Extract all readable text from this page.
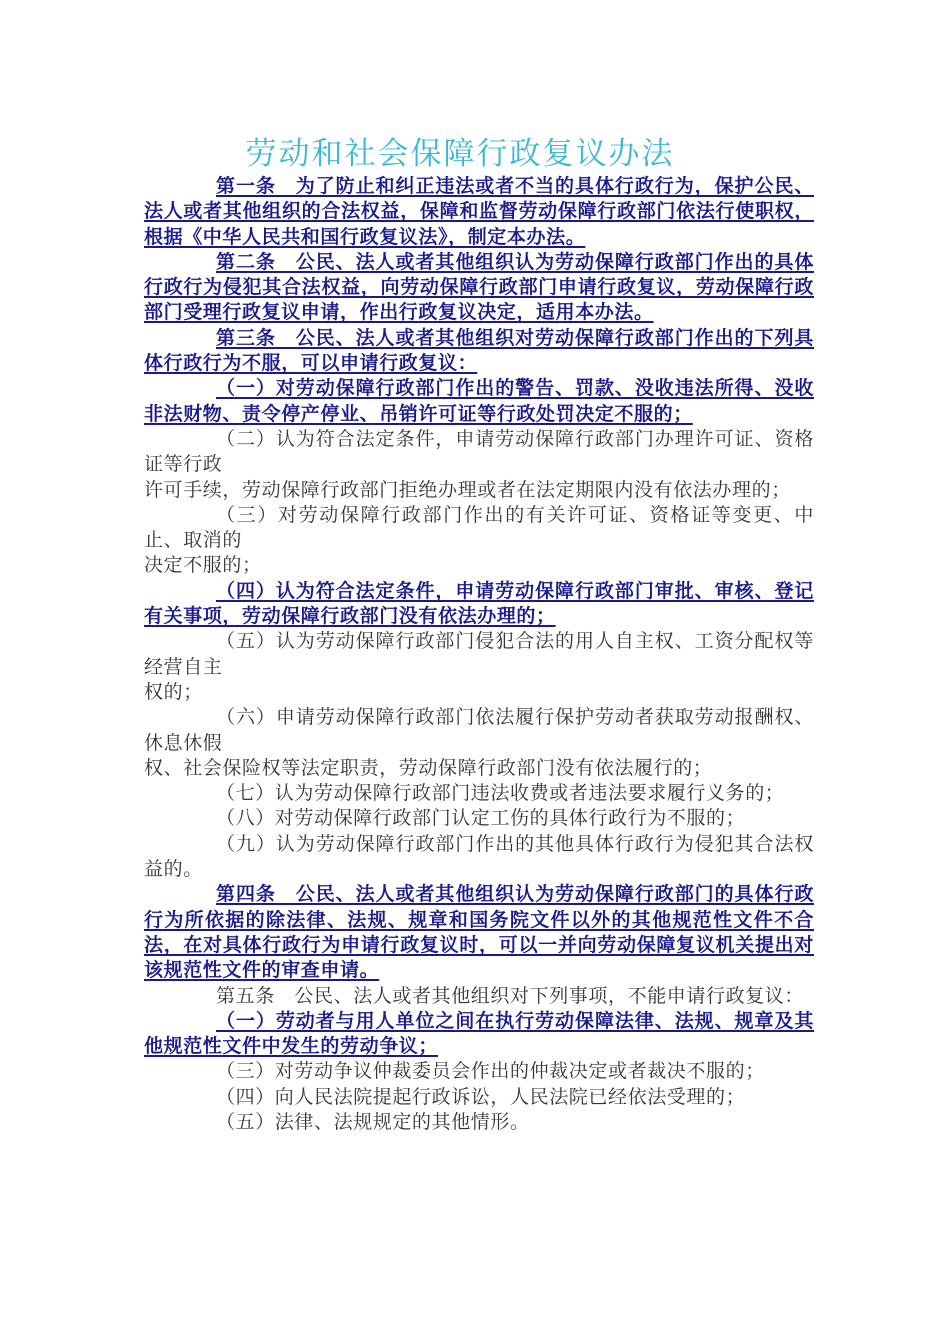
劳动和社会保障行政复议办法

第一条　为了防止和纠正违法或者不当的具体行政行为，保护公民、法人或者其他组织的合法权益，保障和监督劳动保障行政部门依法行使职权，根据《中华人民共和国行政复议法》，制定本办法。

第二条　公民、法人或者其他组织认为劳动保障行政部门作出的具体行政行为侵犯其合法权益，向劳动保障行政部门申请行政复议，劳动保障行政部门受理行政复议申请，作出行政复议决定，适用本办法。

第三条　公民、法人或者其他组织对劳动保障行政部门作出的下列具体行政行为不服，可以申请行政复议：

（一）对劳动保障行政部门作出的警告、罚款、没收违法所得、没收非法财物、责令停产停业、吊销许可证等行政处罚决定不服的；

（二）认为符合法定条件，申请劳动保障行政部门办理许可证、资格证等行政

许可手续，劳动保障行政部门拒绝办理或者在法定期限内没有依法办理的；

（三）对劳动保障行政部门作出的有关许可证、资格证等变更、中止、取消的

决定不服的；

（四）认为符合法定条件，申请劳动保障行政部门审批、审核、登记有关事项，劳动保障行政部门没有依法办理的；

（五）认为劳动保障行政部门侵犯合法的用人自主权、工资分配权等经营自主

权的；

（六）申请劳动保障行政部门依法履行保护劳动者获取劳动报酬权、休息休假

权、社会保险权等法定职责，劳动保障行政部门没有依法履行的；

（七）认为劳动保障行政部门违法收费或者违法要求履行义务的；

（八）对劳动保障行政部门认定工伤的具体行政行为不服的；

（九）认为劳动保障行政部门作出的其他具体行政行为侵犯其合法权益的。

第四条　公民、法人或者其他组织认为劳动保障行政部门的具体行政行为所依据的除法律、法规、规章和国务院文件以外的其他规范性文件不合法，在对具体行政行为申请行政复议时，可以一并向劳动保障复议机关提出对该规范性文件的审查申请。

第五条　公民、法人或者其他组织对下列事项，不能申请行政复议：

（一）劳动者与用人单位之间在执行劳动保障法律、法规、规章及其他规范性文件中发生的劳动争议；

（三）对劳动争议仲裁委员会作出的仲裁决定或者裁决不服的；

（四）向人民法院提起行政诉讼，人民法院已经依法受理的；

（五）法律、法规规定的其他情形。
